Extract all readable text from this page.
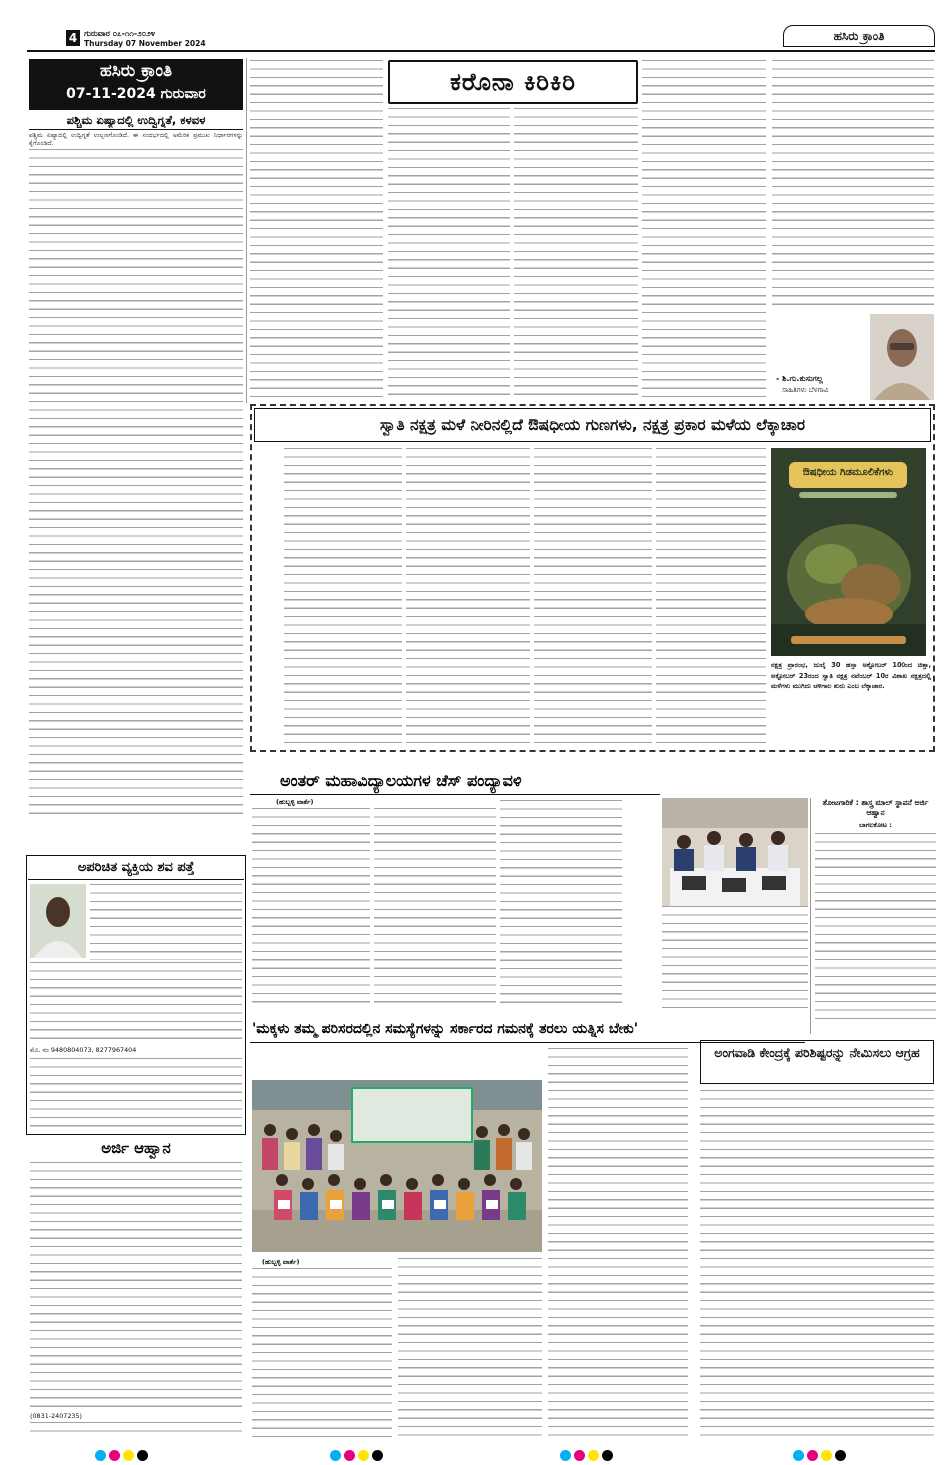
4 ಗುರುವಾರ ೦೭-೧೧-೨೦೨೪
Thursday 07 November 2024
ಹಸಿರು ಕ್ರಾಂತಿ
ಹಸಿರು ಕ್ರಾಂತಿ
07-11-2024 ಗುರುವಾರ
ಪಶ್ಚಿಮ ಏಷ್ಯಾದಲ್ಲಿ ಉದ್ವಿಗ್ನತೆ, ಕಳವಳ
ಪಶ್ಚಿಮ ಏಷ್ಯಾದಲ್ಲಿ ಉದ್ವಿಗ್ನತೆ ಉಲ್ಬಣಗೊಂಡಿದೆ. ಈ ಸಂದರ್ಭದಲ್ಲಿ ಅಮೆರಿಕ ಪ್ರಮುಖ ನಿರ್ಧಾರಗಳನ್ನು ಕೈಗೊಂಡಿದೆ.
ಕರೊನಾ ಕಿರಿಕಿರಿ
- ಶಿ.ಗು.ಕುಸುಗಲ್ಲ
ಸಾಹಿತಿಗಳು ಬೆಳಗಾವಿ
ಸ್ವಾತಿ ನಕ್ಷತ್ರ ಮಳೆ ನೀರಿನಲ್ಲಿದೆ ಔಷಧೀಯ ಗುಣಗಳು, ನಕ್ಷತ್ರ ಪ್ರಕಾರ ಮಳೆಯ ಲೆಕ್ಕಾಚಾರ
ಔಷಧೀಯ ಗಿಡಮೂಲಿಕೆಗಳು
ನಕ್ಷತ್ರ ಪ್ರಾರಂಭ, ಜುಲೈ 30 ಹಸ್ತಾ ಅಕ್ಟೋಬರ್ 100ಂದ ಚಿತ್ತಾ, ಅಕ್ಟೋಬರ್ 23ರಂದ ಸ್ವಾತಿ ನಕ್ಷತ್ರ ನವೆಂಬರ್ 10ರ ವಿಶಾಖ ನಕ್ಷತ್ರದಲ್ಲಿ ಮಳೆಗಳು ಮುಗಿದು ಚಳಿಗಾಲ ಶುರು ಎಂಬ ಲೆಕ್ಕಾಚಾರ.
ಅಂತರ್ ಮಹಾವಿದ್ಯಾಲಯಗಳ ಚೆಸ್ ಪಂದ್ಯಾವಳಿ
(ಹುಬ್ಬಳ್ಳಿ ವಾರ್ತೆ)	ತೋಟಗಾರಿಕೆ : ಶಾಸ್ತ್ರ ಮಾಲ್ ಸ್ಥಾಪನೆ ಅರ್ಜಿ ಆಹ್ವಾನ
ಬಾಗಲಕೋಟ :
ಅಪರಿಚಿತ ವ್ಯಕ್ತಿಯ ಶವ ಪತ್ತೆ
ಮೊ. ನಂ 9480804073, 8277967404
ಅರ್ಜಿ ಆಹ್ವಾನ
(0831-2407235)
'ಮಕ್ಕಳು ತಮ್ಮ ಪರಿಸರದಲ್ಲಿನ ಸಮಸ್ಯೆಗಳನ್ನು ಸರ್ಕಾರದ ಗಮನಕ್ಕೆ ತರಲು ಯತ್ನಿಸ ಬೇಕು'
(ಹುಬ್ಬಳ್ಳಿ ವಾರ್ತೆ)
ಅಂಗವಾಡಿ ಕೇಂದ್ರಕ್ಕೆ ಪರಿಶಿಷ್ಟರನ್ನು ನೇಮಿಸಲು ಆಗ್ರಹ
